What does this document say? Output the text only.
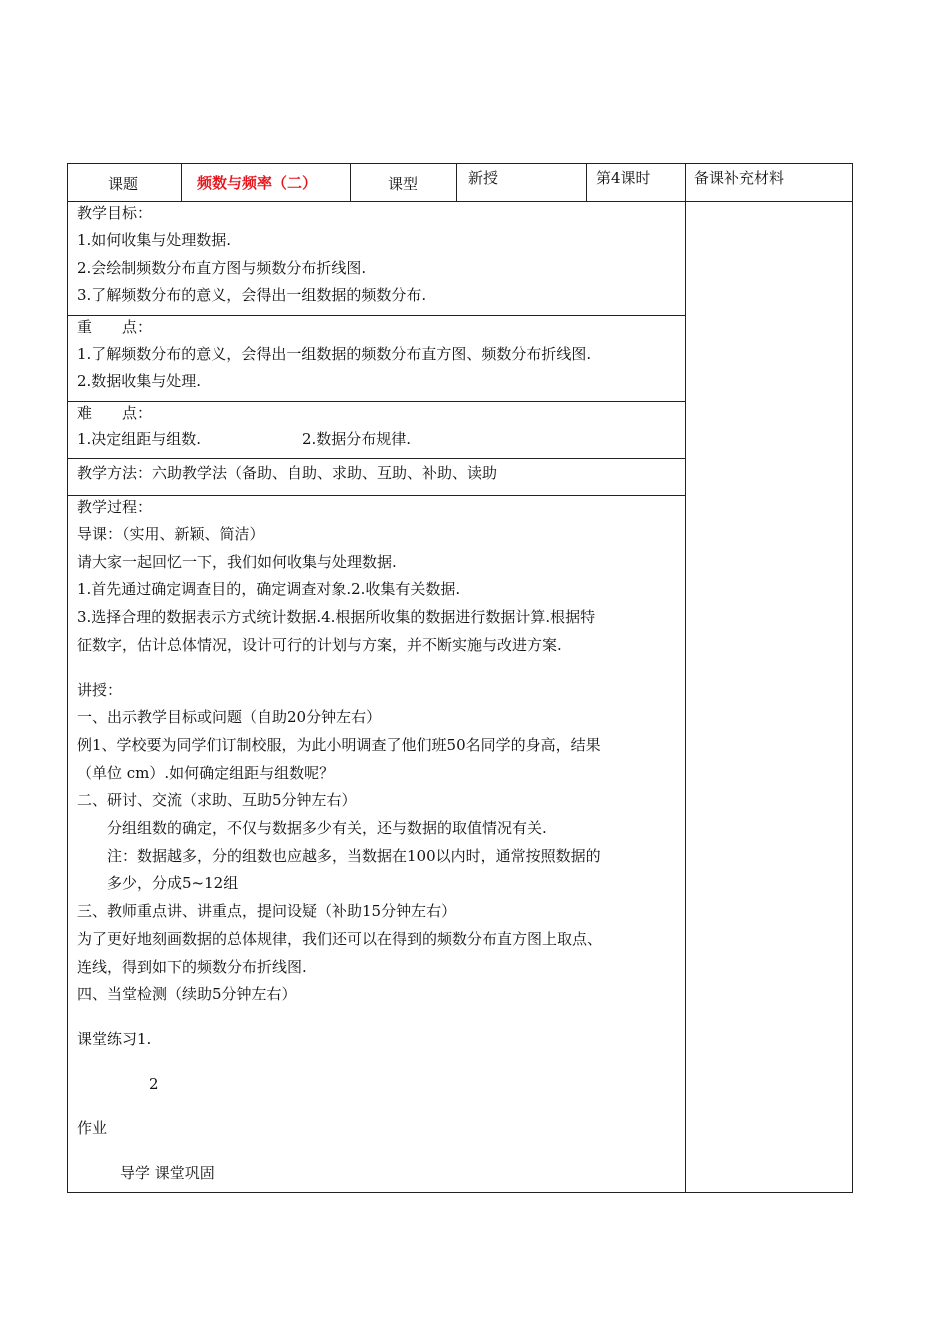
课题	频数与频率（二）	课型	新授	第4课时	备课补充材料
教学目标：
1.如何收集与处理数据.
2.会绘制频数分布直方图与频数分布折线图.
3.了解频数分布的意义，会得出一组数据的频数分布.
重　　点：
1.了解频数分布的意义，会得出一组数据的频数分布直方图、频数分布折线图.
2.数据收集与处理.
难　　点：
1.决定组距与组数.	2.数据分布规律.
教学方法：六助教学法（备助、自助、求助、互助、补助、读助
教学过程：
导课：（实用、新颖、简洁）
请大家一起回忆一下，我们如何收集与处理数据.
1.首先通过确定调查目的，确定调查对象.2.收集有关数据.
3.选择合理的数据表示方式统计数据.4.根据所收集的数据进行数据计算.根据特
征数字，估计总体情况，设计可行的计划与方案，并不断实施与改进方案.
讲授：
一、出示教学目标或问题（自助20分钟左右）
例1、学校要为同学们订制校服，为此小明调查了他们班50名同学的身高，结果
（单位 cm）.如何确定组距与组数呢？
二、研讨、交流（求助、互助5分钟左右）
分组组数的确定，不仅与数据多少有关，还与数据的取值情况有关.
注：数据越多，分的组数也应越多，当数据在100以内时，通常按照数据的
多少，分成5~12组
三、教师重点讲、讲重点，提问设疑（补助15分钟左右）
为了更好地刻画数据的总体规律，我们还可以在得到的频数分布直方图上取点、
连线，得到如下的频数分布折线图.
四、当堂检测（续助5分钟左右）
课堂练习1.
2
作业
导学 课堂巩固
